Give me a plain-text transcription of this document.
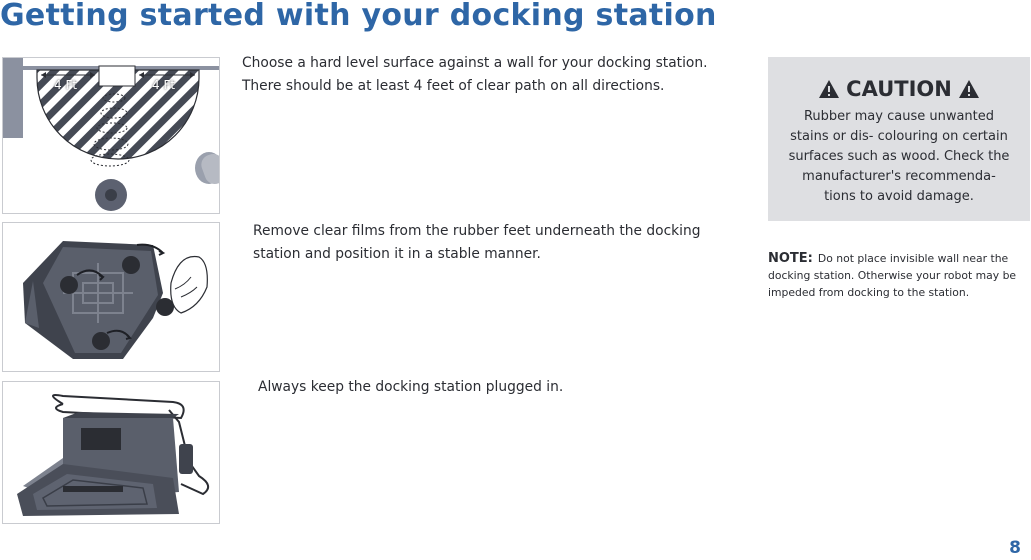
Getting started with your docking station
4 Ft	4 Ft

Choose a hard level surface against a wall for your docking station. There should be at least 4 feet of clear path on all directions.

Remove clear films from the rubber feet underneath the docking station and position it in a stable manner.

Always keep the docking station plugged in.

CAUTION
Rubber may cause unwanted stains or dis- colouring on certain surfaces such as wood. Check the manufacturer's recommenda- tions to avoid damage.
NOTE: Do not place invisible wall near the docking station. Otherwise your robot may be impeded from docking to the station.
8
